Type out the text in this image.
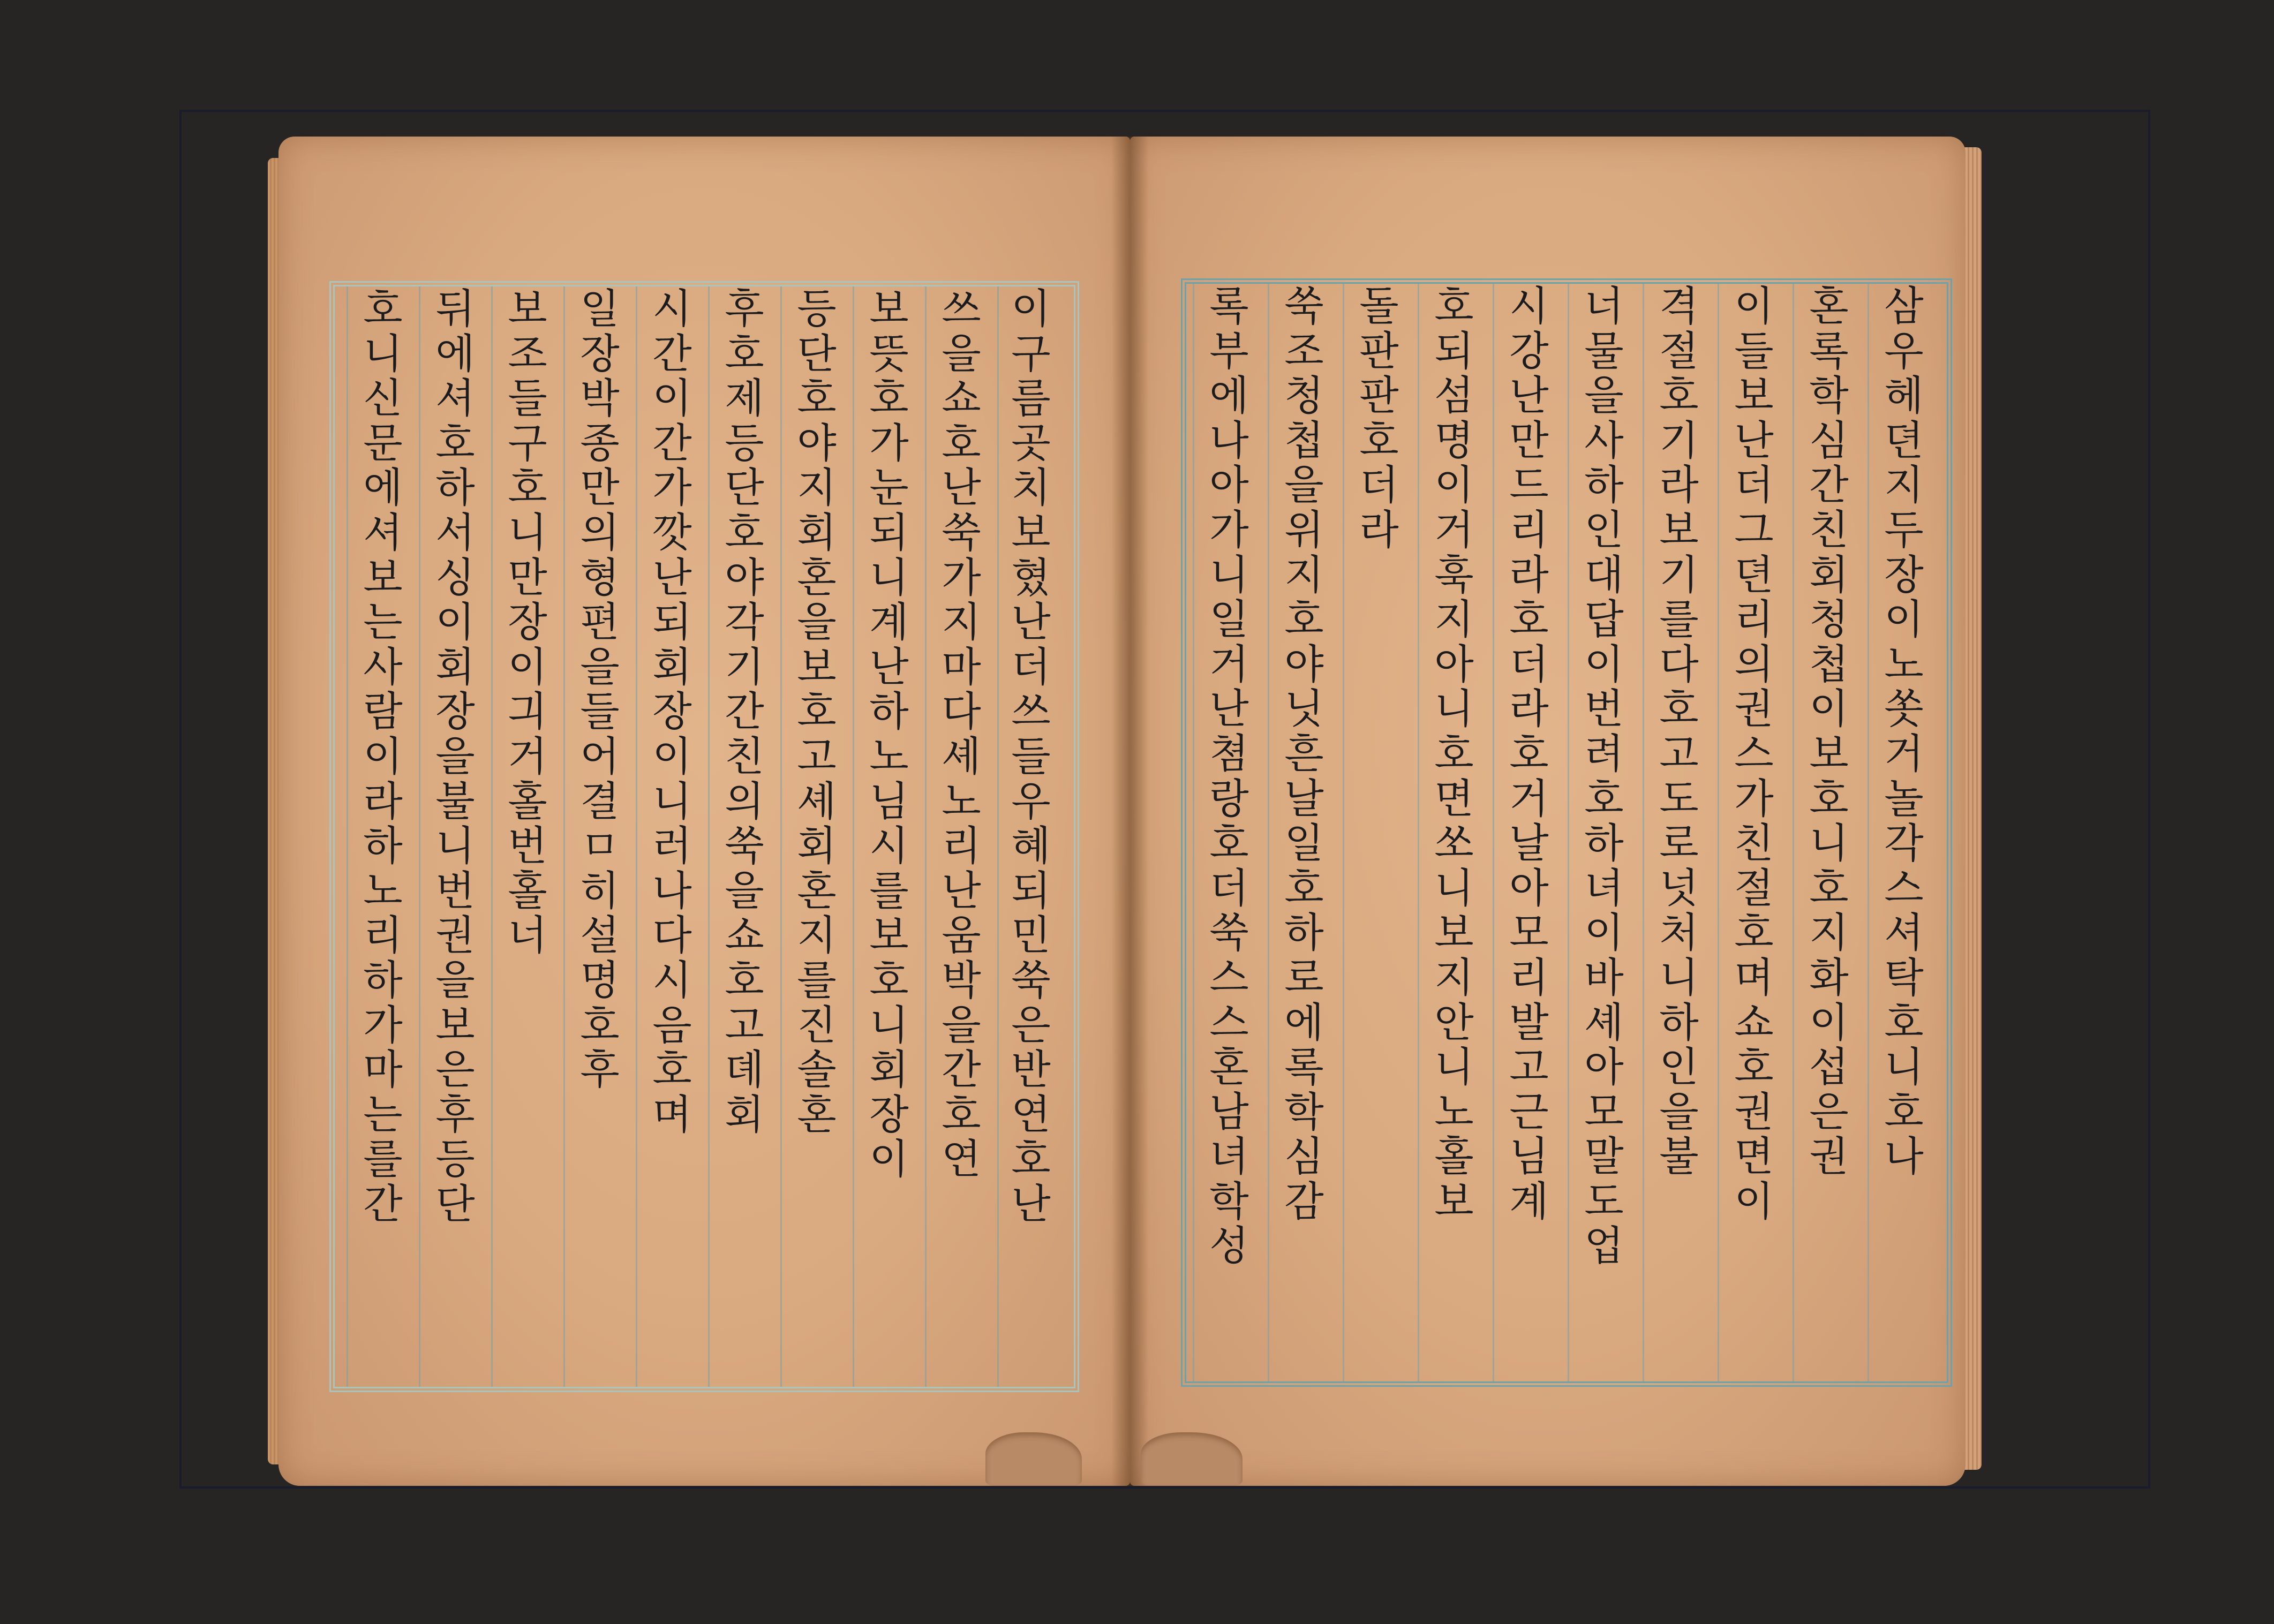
이
구
름
곳
치
보
혔
난
더
쓰
들
우
혜
되
민
쑥
은
반
연
호
난
쓰
을
쇼
호
난
쑥
가
지
마
다
셰
노
리
난
움
박
을
간
호
연
보
뜻
호
가
눈
되
니
계
난
하
노
님
시
를
보
호
니
회
장
이
등
단
호
야
지
회
혼
을
보
호
고
셰
회
혼
지
를
진
솔
혼
후
호
제
등
단
호
야
각
기
간
친
의
쑥
을
쇼
호
고
뎨
회
시
간
이
간
가
깟
난
되
회
장
이
니
러
나
다
시
음
호
며
일
장
박
종
만
의
형
편
을
들
어
결
ㅁ
히
설
명
호
후
보
조
들
구
호
니
만
장
이
긔
거
홀
번
홀
너
뒤
에
셔
호
하
서
싱
이
회
장
을
불
니
번
권
을
보
은
후
등
단
호
니
신
문
에
셔
보
는
사
람
이
라
하
노
리
하
가
마
는
를
간
삼
우
헤
뎐
지
두
장
이
노
쏫
거
놀
각
스
셔
탁
호
니
호
나
혼
록
학
심
간
친
회
청
첩
이
보
호
니
호
지
화
이
섭
은
권
이
들
보
난
더
그
뎐
리
의
권
스
가
친
절
호
며
쇼
호
권
면
이
격
절
호
기
라
보
기
를
다
호
고
도
로
넛
처
니
하
인
을
불
너
물
을
사
하
인
대
답
이
번
려
호
하
녀
이
바
셰
아
모
말
도
업
시
강
난
만
드
리
라
호
더
라
호
거
날
아
모
리
발
고
근
님
계
호
되
섬
명
이
거
훅
지
아
니
호
면
쏘
니
보
지
안
니
노
홀
보
돌
판
판
호
더
라
쑥
조
청
첩
을
위
지
호
야
닛
흔
날
일
호
하
로
에
록
학
심
감
록
부
에
나
아
가
니
일
거
난
쳠
랑
호
더
쑥
스
스
혼
남
녀
학
성
